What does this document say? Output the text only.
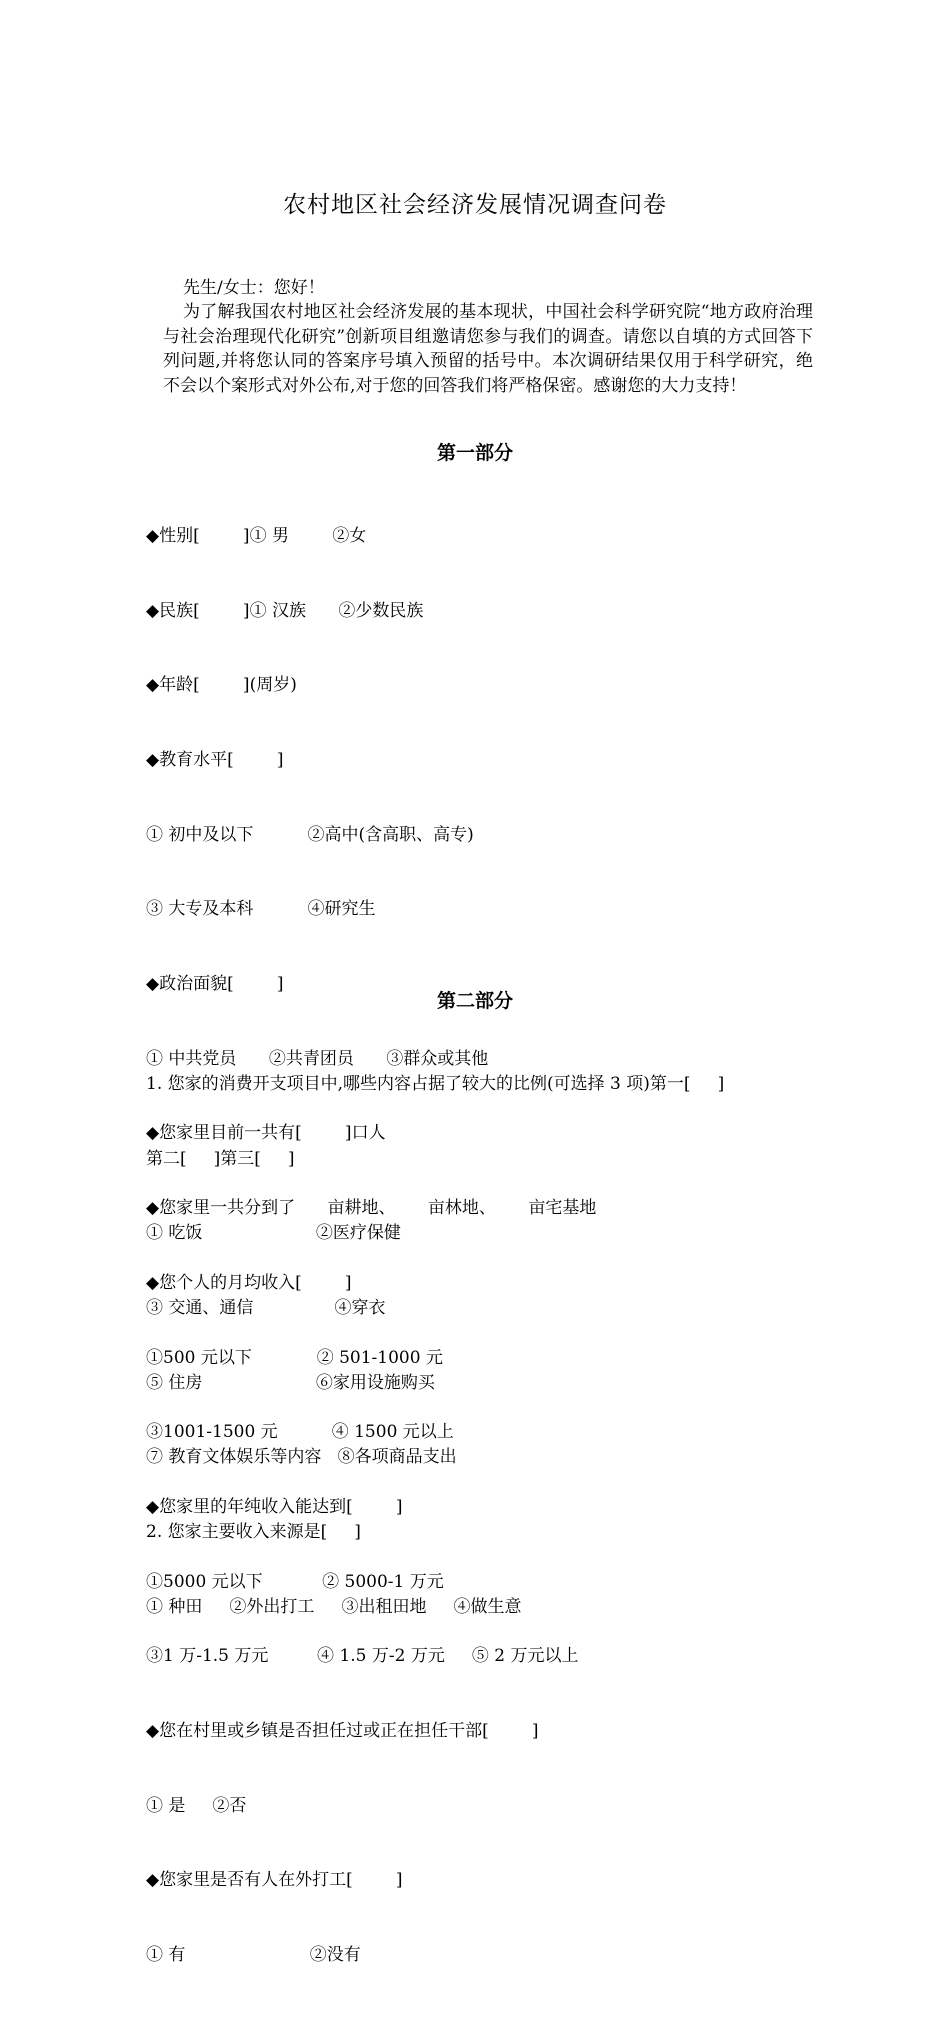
农村地区社会经济发展情况调查问卷
先生/女士：您好！
为了解我国农村地区社会经济发展的基本现状，中国社会科学研究院“地方政府治理与社会治理现代化研究”创新项目组邀请您参与我们的调查。请您以自填的方式回答下列问题,并将您认同的答案序号填入预留的括号中。本次调研结果仅用于科学研究，绝不会以个案形式对外公布,对于您的回答我们将严格保密。感谢您的大力支持！
第一部分

◆性别[        ]① 男        ②女

◆民族[        ]① 汉族      ②少数民族

◆年龄[        ](周岁)

◆教育水平[        ]

① 初中及以下          ②高中(含高职、高专)

③ 大专及本科          ④研究生

◆政治面貌[        ]

① 中共党员      ②共青团员      ③群众或其他

◆您家里目前一共有[        ]口人

◆您家里一共分到了      亩耕地、      亩林地、      亩宅基地

◆您个人的月均收入[        ]

①500 元以下            ② 501-1000 元

③1001-1500 元          ④ 1500 元以上

◆您家里的年纯收入能达到[        ]

①5000 元以下           ② 5000-1 万元

③1 万-1.5 万元         ④ 1.5 万-2 万元     ⑤ 2 万元以上

◆您在村里或乡镇是否担任过或正在担任干部[        ]

① 是     ②否

◆您家里是否有人在外打工[        ]

① 有                       ②没有

第二部分

1. 您家的消费开支项目中,哪些内容占据了较大的比例(可选择 3 项)第一[     ]

第二[     ]第三[     ]

① 吃饭                     ②医疗保健

③ 交通、通信               ④穿衣

⑤ 住房                     ⑥家用设施购买

⑦ 教育文体娱乐等内容   ⑧各项商品支出

2. 您家主要收入来源是[     ]

① 种田     ②外出打工     ③出租田地     ④做生意
